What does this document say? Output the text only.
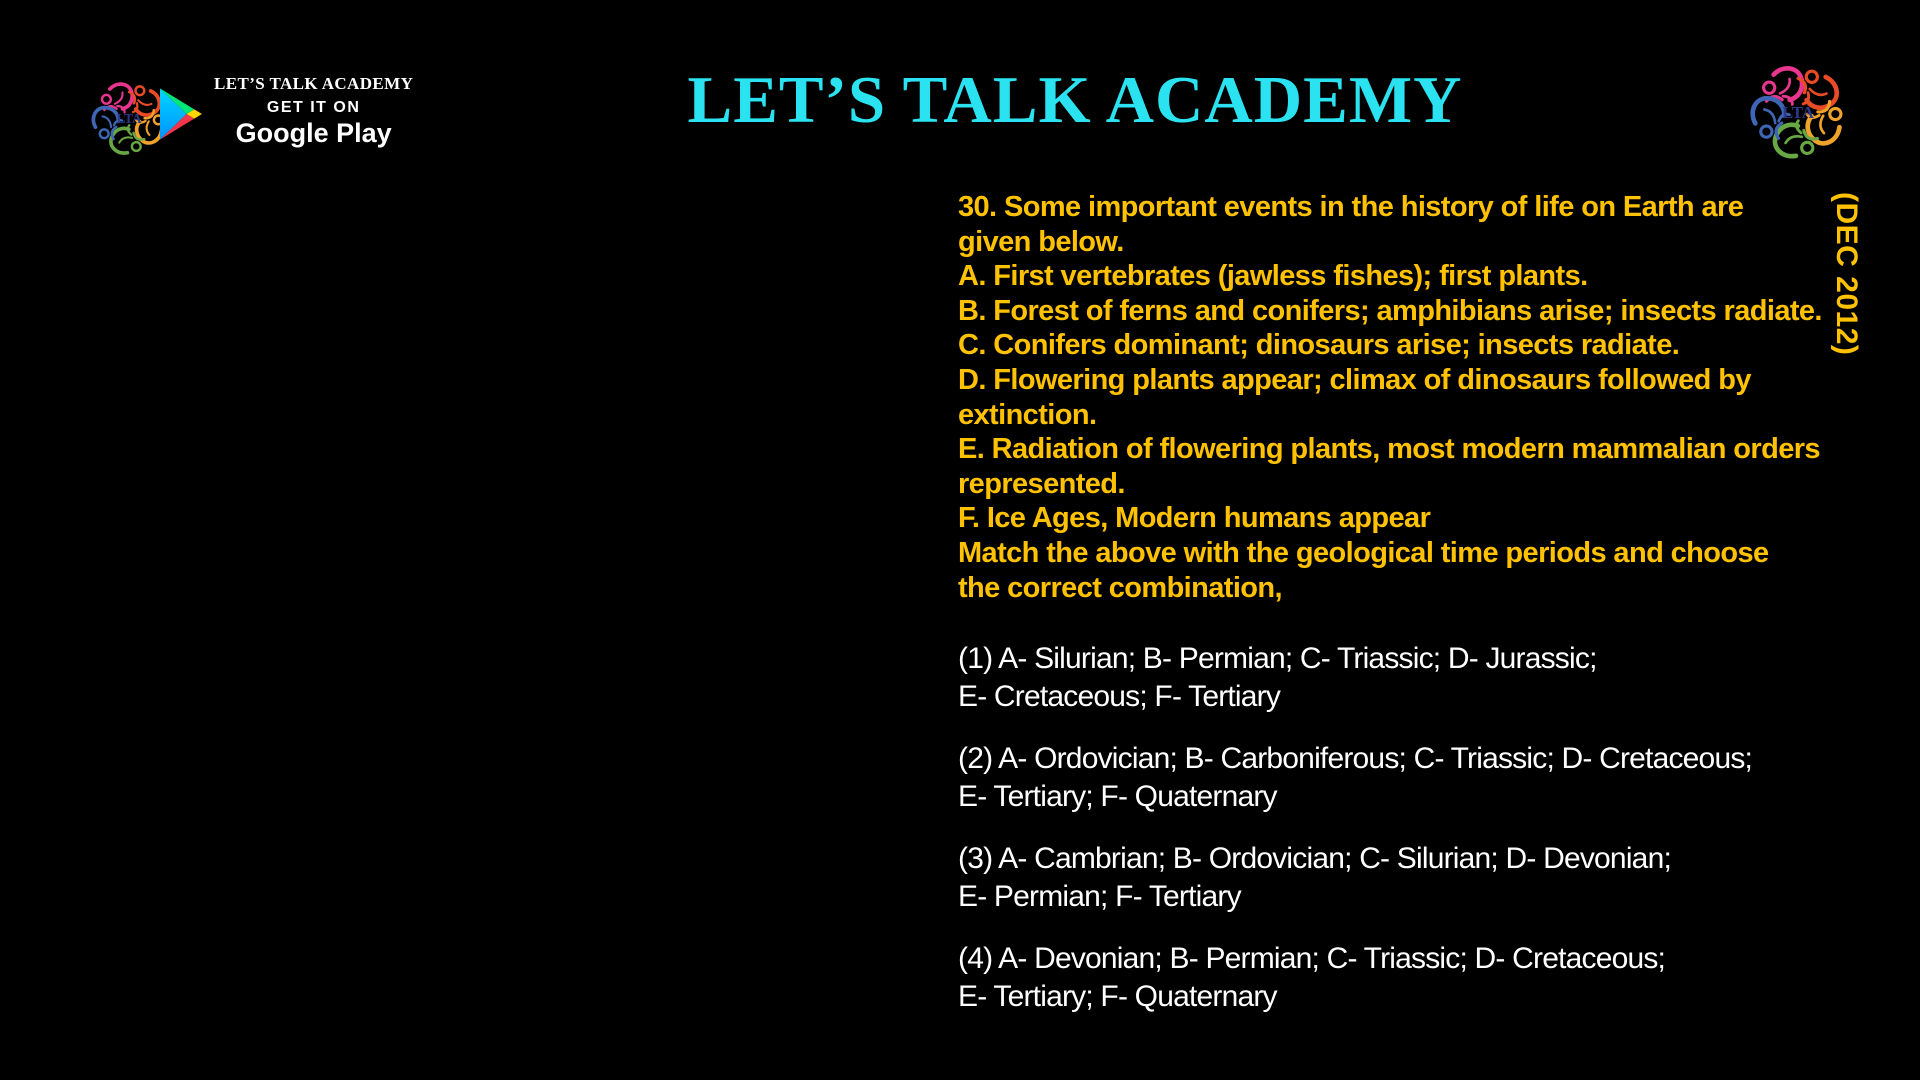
LTA
LET’S TALK ACADEMY
GET IT ON
Google Play	LET’S TALK ACADEMY	LTA
(DEC 2012)
30. Some important events in the history of life on Earth are
given below.
A. First vertebrates (jawless fishes); first plants.
B. Forest of ferns and conifers; amphibians arise; insects radiate.
C. Conifers dominant; dinosaurs arise; insects radiate.
D. Flowering plants appear; climax of dinosaurs followed by
extinction.
E. Radiation of flowering plants, most modern mammalian orders
represented.
F. Ice Ages, Modern humans appear
Match the above with the geological time periods and choose
the correct combination,
(1) A- Silurian; B- Permian; C- Triassic; D- Jurassic;
E- Cretaceous; F- Tertiary
(2) A- Ordovician; B- Carboniferous; C- Triassic; D- Cretaceous;
E- Tertiary; F- Quaternary
(3) A- Cambrian; B- Ordovician; C- Silurian; D- Devonian;
E- Permian; F- Tertiary
(4) A- Devonian; B- Permian; C- Triassic; D- Cretaceous;
E- Tertiary; F- Quaternary
